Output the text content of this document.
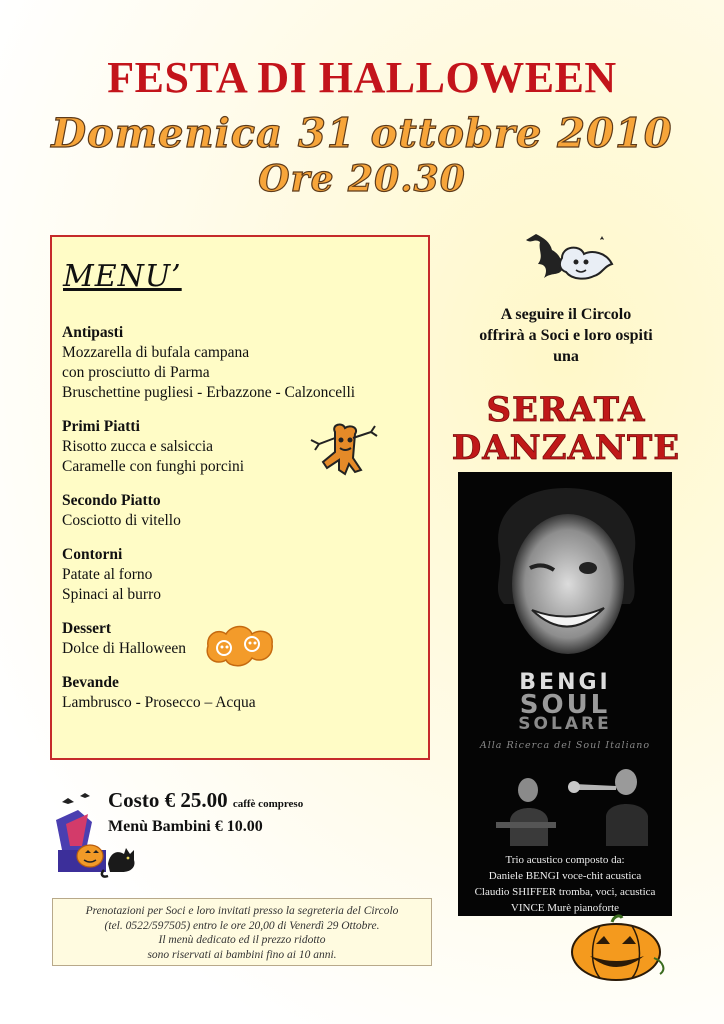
FESTA DI HALLOWEEN
Domenica 31 ottobre 2010
Ore 20.30
MENU’
Antipasti
Mozzarella di bufala campana
con prosciutto di Parma
Bruschettine pugliesi - Erbazzone - Calzoncelli
Primi Piatti
Risotto zucca e salsiccia
Caramelle con funghi porcini
Secondo Piatto
Cosciotto di vitello
Contorni
Patate al forno
Spinaci al burro
Dessert
Dolce di Halloween
Bevande
Lambrusco - Prosecco – Acqua
Costo € 25.00 caffè compreso
Menù Bambini € 10.00
Prenotazioni per Soci e loro invitati presso la segreteria del Circolo
(tel. 0522/597505) entro le ore 20,00 di Venerdì 29 Ottobre.
Il menù dedicato ed il prezzo ridotto
sono riservati ai bambini fino ai 10 anni.
A seguire il Circolo
offrirà a Soci e loro ospiti
una
SERATA
DANZANTE
BENGI
SOUL
SOLARE
Alla Ricerca del Soul Italiano
Trio acustico composto da:
Daniele BENGI voce-chit acustica
Claudio SHIFFER tromba, voci, acustica
VINCE Murè pianoforte
